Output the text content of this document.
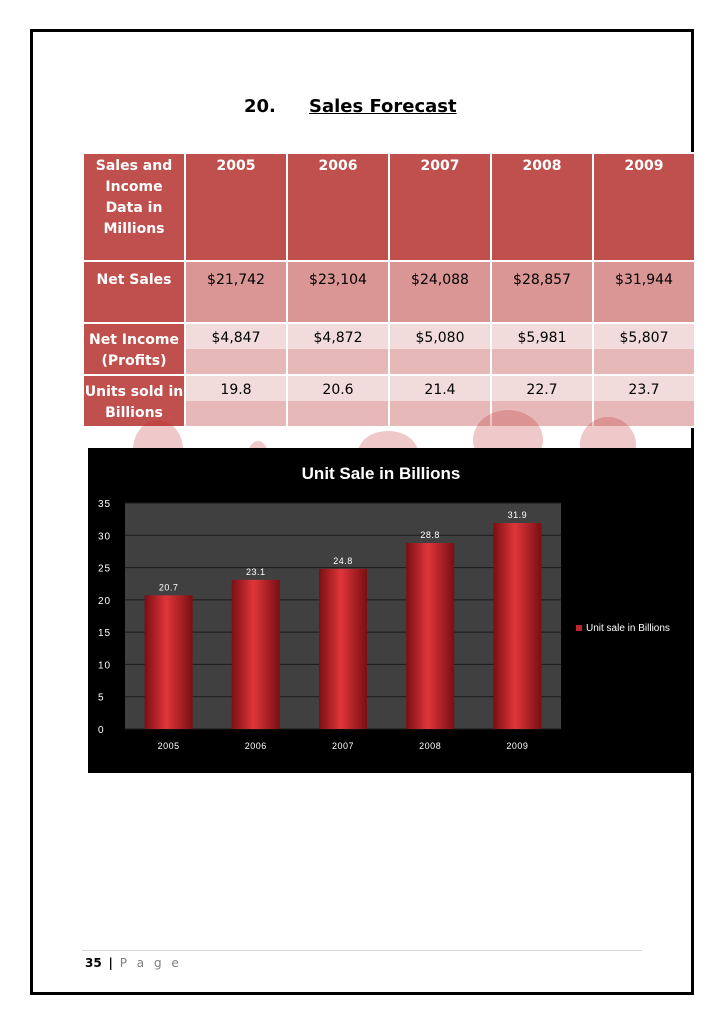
20. Sales Forecast
Sales and
Income
Data in
Millions	2005	2006	2007	2008	2009
Net Sales	$21,742	$23,104	$24,088	$28,857	$31,944
Net Income
(Profits)	$4,847	$4,872	$5,080	$5,981	$5,807
Units sold in
Billions	19.8	20.6	21.4	22.7	23.7
Unit Sale in Billions
0
5
10
15
20
25
30
35
20.7
2005
23.1
2006
24.8
2007
28.8
2008
31.9
2009
Unit sale in Billions
35 | P a g e
